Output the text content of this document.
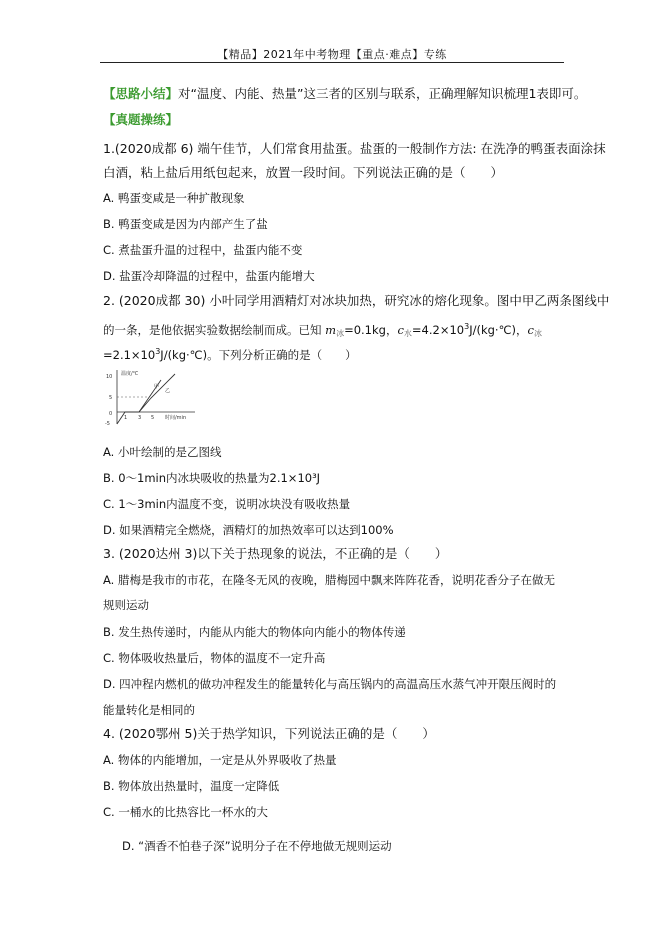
【精品】2021年中考物理【重点·难点】专练
【思路小结】对“温度、内能、热量”这三者的区别与联系，正确理解知识梳理1表即可。
【真题操练】
1.(2020成都 6) 端午佳节，人们常食用盐蛋。盐蛋的一般制作方法: 在洗净的鸭蛋表面涂抹
白酒，粘上盐后用纸包起来，放置一段时间。下列说法正确的是（　　）
A. 鸭蛋变咸是一种扩散现象
B. 鸭蛋变咸是因为内部产生了盐
C. 煮盐蛋升温的过程中，盐蛋内能不变
D. 盐蛋冷却降温的过程中，盐蛋内能增大
2. (2020成都 30) 小叶同学用酒精灯对冰块加热，研究冰的熔化现象。图中甲乙两条图线中
的一条，是他依据实验数据绘制而成。已知 m冰=0.1kg，c水$=4.2\times 10^3J/(kg\cdot℃)$，c冰
$=2.1\times 10^3J/(kg\cdot℃)$。下列分析正确的是（　　）
温度/℃
时间/min
10
5
0
-5
1 3 5
甲
乙
A. 小叶绘制的是乙图线
B. 0～1min内冰块吸收的热量为2.1×10³J
C. 1～3min内温度不变，说明冰块没有吸收热量
D. 如果酒精完全燃烧，酒精灯的加热效率可以达到100%
3. (2020达州 3)以下关于热现象的说法，不正确的是（　　）
A. 腊梅是我市的市花，在隆冬无风的夜晚，腊梅园中飘来阵阵花香，说明花香分子在做无
规则运动
B. 发生热传递时，内能从内能大的物体向内能小的物体传递
C. 物体吸收热量后，物体的温度不一定升高
D. 四冲程内燃机的做功冲程发生的能量转化与高压锅内的高温高压水蒸气冲开限压阀时的
能量转化是相同的
4. (2020鄂州 5)关于热学知识，下列说法正确的是（　　）
A. 物体的内能增加，一定是从外界吸收了热量
B. 物体放出热量时，温度一定降低
C. 一桶水的比热容比一杯水的大
D. “酒香不怕巷子深”说明分子在不停地做无规则运动
